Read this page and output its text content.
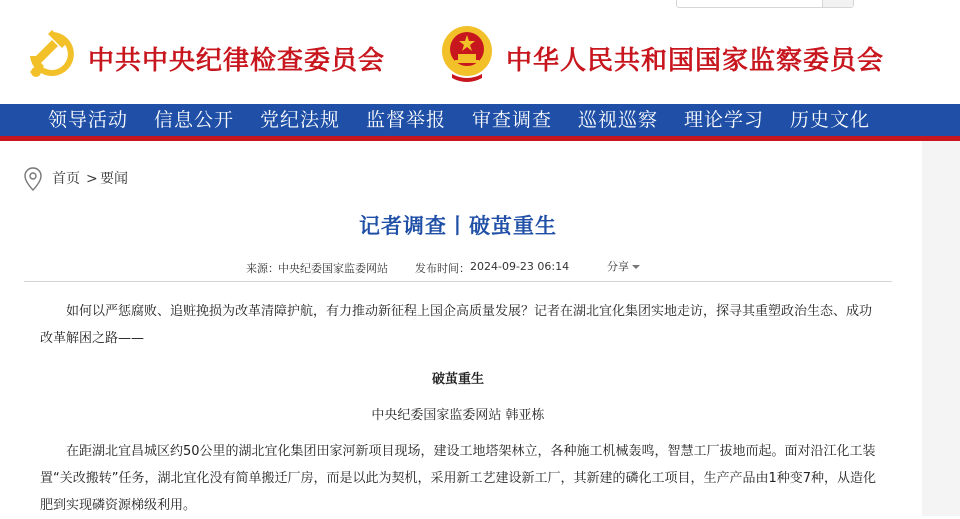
中共中央纪律检查委员会	中华人民共和国国家监察委员会
领导活动 信息公开 党纪法规 监督举报 审查调查 巡视巡察 理论学习 历史文化
首页 > 要闻
记者调查丨破茧重生
来源： 中央纪委国家监委网站 发布时间： 2024-09-23 06:14	分享

如何以严惩腐败、追赃挽损为改革清障护航，有力推动新征程上国企高质量发展？记者在湖北宜化集团实地走访，探寻其重塑政治生态、成功改革解困之路——

破茧重生
中央纪委国家监委网站 韩亚栋

在距湖北宜昌城区约50公里的湖北宜化集团田家河新项目现场，建设工地塔架林立，各种施工机械轰鸣，智慧工厂拔地而起。面对沿江化工装置“关改搬转”任务，湖北宜化没有简单搬迁厂房，而是以此为契机，采用新工艺建设新工厂，其新建的磷化工项目，生产产品由1种变7种，从造化肥到实现磷资源梯级利用。
